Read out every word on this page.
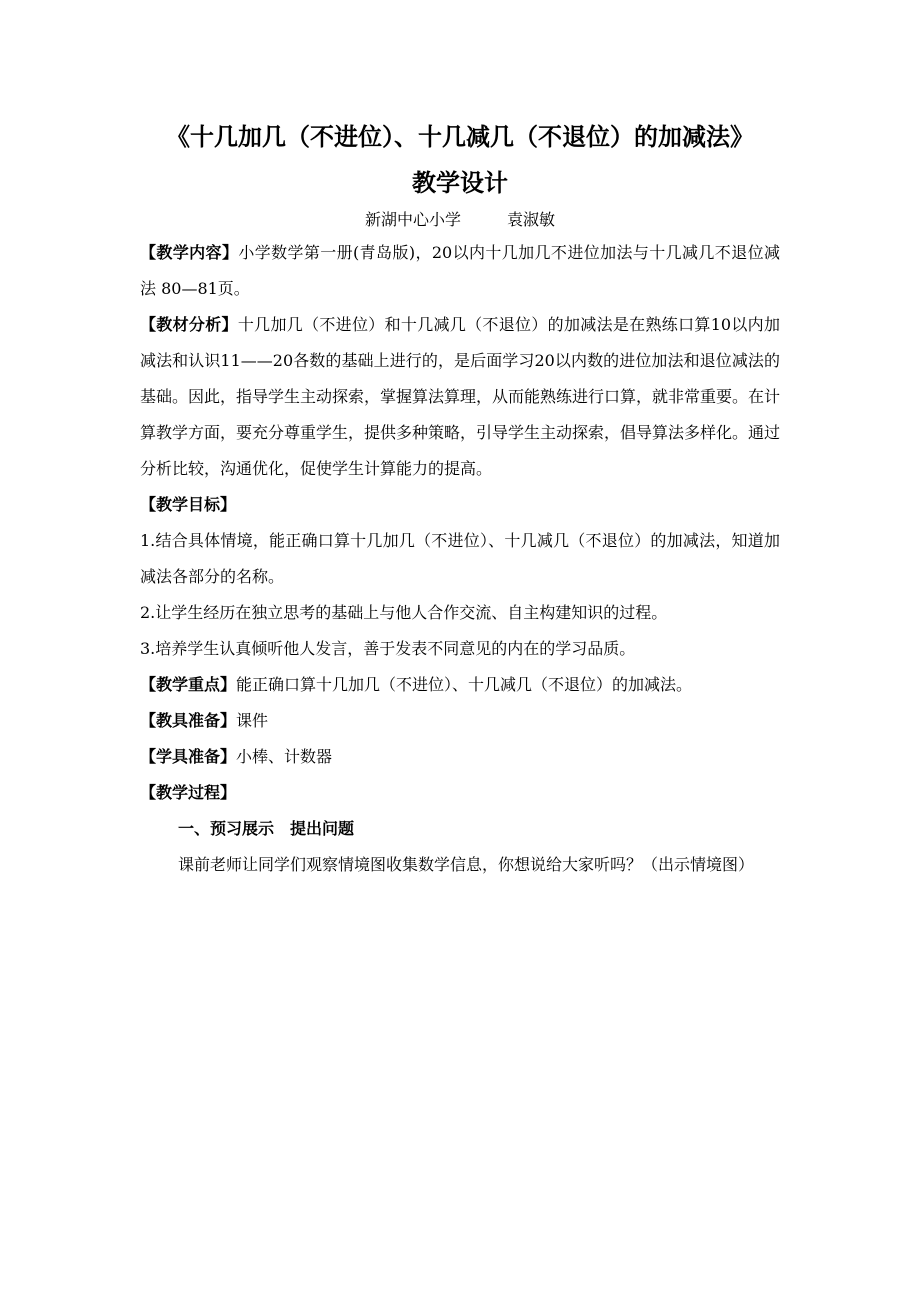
《十几加几（不进位）、十几减几（不退位）的加减法》
教学设计
新湖中心小学	袁淑敏

【教学内容】小学数学第一册(青岛版)，20以内十几加几不进位加法与十几减几不退位减法 80—81页。

【教材分析】十几加几（不进位）和十几减几（不退位）的加减法是在熟练口算10以内加减法和认识11——20各数的基础上进行的，是后面学习20以内数的进位加法和退位减法的基础。因此，指导学生主动探索，掌握算法算理，从而能熟练进行口算，就非常重要。在计算教学方面，要充分尊重学生，提供多种策略，引导学生主动探索，倡导算法多样化。通过分析比较，沟通优化，促使学生计算能力的提高。

【教学目标】

1.结合具体情境，能正确口算十几加几（不进位）、十几减几（不退位）的加减法，知道加减法各部分的名称。

2.让学生经历在独立思考的基础上与他人合作交流、自主构建知识的过程。

3.培养学生认真倾听他人发言，善于发表不同意见的内在的学习品质。

【教学重点】能正确口算十几加几（不进位）、十几减几（不退位）的加减法。

【教具准备】课件

【学具准备】小棒、计数器

【教学过程】

一、预习展示　提出问题

课前老师让同学们观察情境图收集数学信息，你想说给大家听吗？（出示情境图）
